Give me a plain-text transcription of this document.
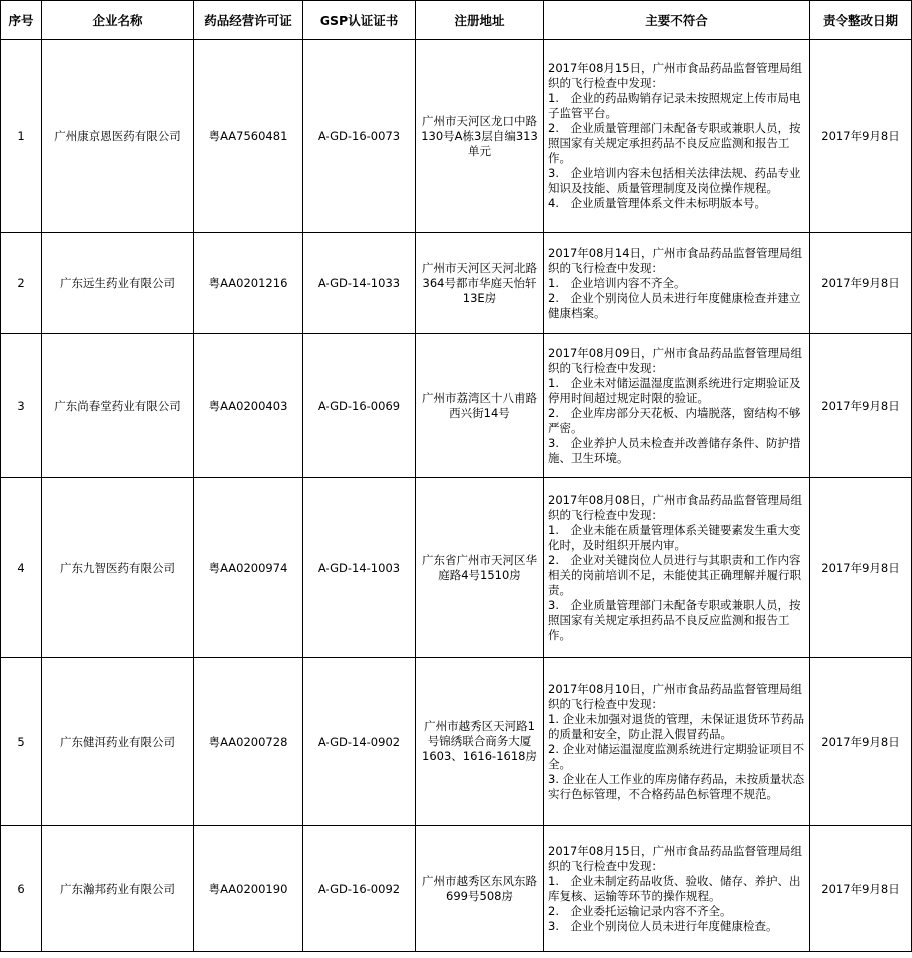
序号	企业名称	药品经营许可证	GSP认证证书	注册地址	主要不符合	责令整改日期
1	广州康京恩医药有限公司	粤AA7560481	A-GD-16-0073	广州市天河区龙口中路130号A栋3层自编313单元	2017年08月15日，广州市食品药品监督管理局组织的飞行检查中发现：
1.　企业的药品购销存记录未按照规定上传市局电子监管平台。
2.　企业质量管理部门未配备专职或兼职人员，按照国家有关规定承担药品不良反应监测和报告工作。
3.　企业培训内容未包括相关法律法规、药品专业知识及技能、质量管理制度及岗位操作规程。
4.　企业质量管理体系文件未标明版本号。	2017年9月8日
2	广东远生药业有限公司	粤AA0201216	A-GD-14-1033	广州市天河区天河北路364号都市华庭天怡轩13E房	2017年08月14日，广州市食品药品监督管理局组织的飞行检查中发现：
1.　企业培训内容不齐全。
2.　企业个别岗位人员未进行年度健康检查并建立健康档案。	2017年9月8日
3	广东尚春堂药业有限公司	粤AA0200403	A-GD-16-0069	广州市荔湾区十八甫路西兴街14号	2017年08月09日，广州市食品药品监督管理局组织的飞行检查中发现：
1.　企业未对储运温湿度监测系统进行定期验证及停用时间超过规定时限的验证。
2.　企业库房部分天花板、内墙脱落，窗结构不够严密。
3.　企业养护人员未检查并改善储存条件、防护措施、卫生环境。	2017年9月8日
4	广东九智医药有限公司	粤AA0200974	A-GD-14-1003	广东省广州市天河区华庭路4号1510房	2017年08月08日，广州市食品药品监督管理局组织的飞行检查中发现：
1.　企业未能在质量管理体系关键要素发生重大变化时，及时组织开展内审。
2.　企业对关键岗位人员进行与其职责和工作内容相关的岗前培训不足，未能使其正确理解并履行职责。
3.　企业质量管理部门未配备专职或兼职人员，按照国家有关规定承担药品不良反应监测和报告工作。	2017年9月8日
5	广东健洱药业有限公司	粤AA0200728	A-GD-14-0902	广州市越秀区天河路1号锦绣联合商务大厦1603、1616-1618房	2017年08月10日，广州市食品药品监督管理局组织的飞行检查中发现：
1. 企业未加强对退货的管理，未保证退货环节药品的质量和安全，防止混入假冒药品。
2. 企业对储运温湿度监测系统进行定期验证项目不全。
3. 企业在人工作业的库房储存药品，未按质量状态实行色标管理，不合格药品色标管理不规范。	2017年9月8日
6	广东瀚邦药业有限公司	粤AA0200190	A-GD-16-0092	广州市越秀区东风东路699号508房	2017年08月15日，广州市食品药品监督管理局组织的飞行检查中发现：
1.　企业未制定药品收货、验收、储存、养护、出库复核、运输等环节的操作规程。
2.　企业委托运输记录内容不齐全。
3.　企业个别岗位人员未进行年度健康检查。	2017年9月8日
